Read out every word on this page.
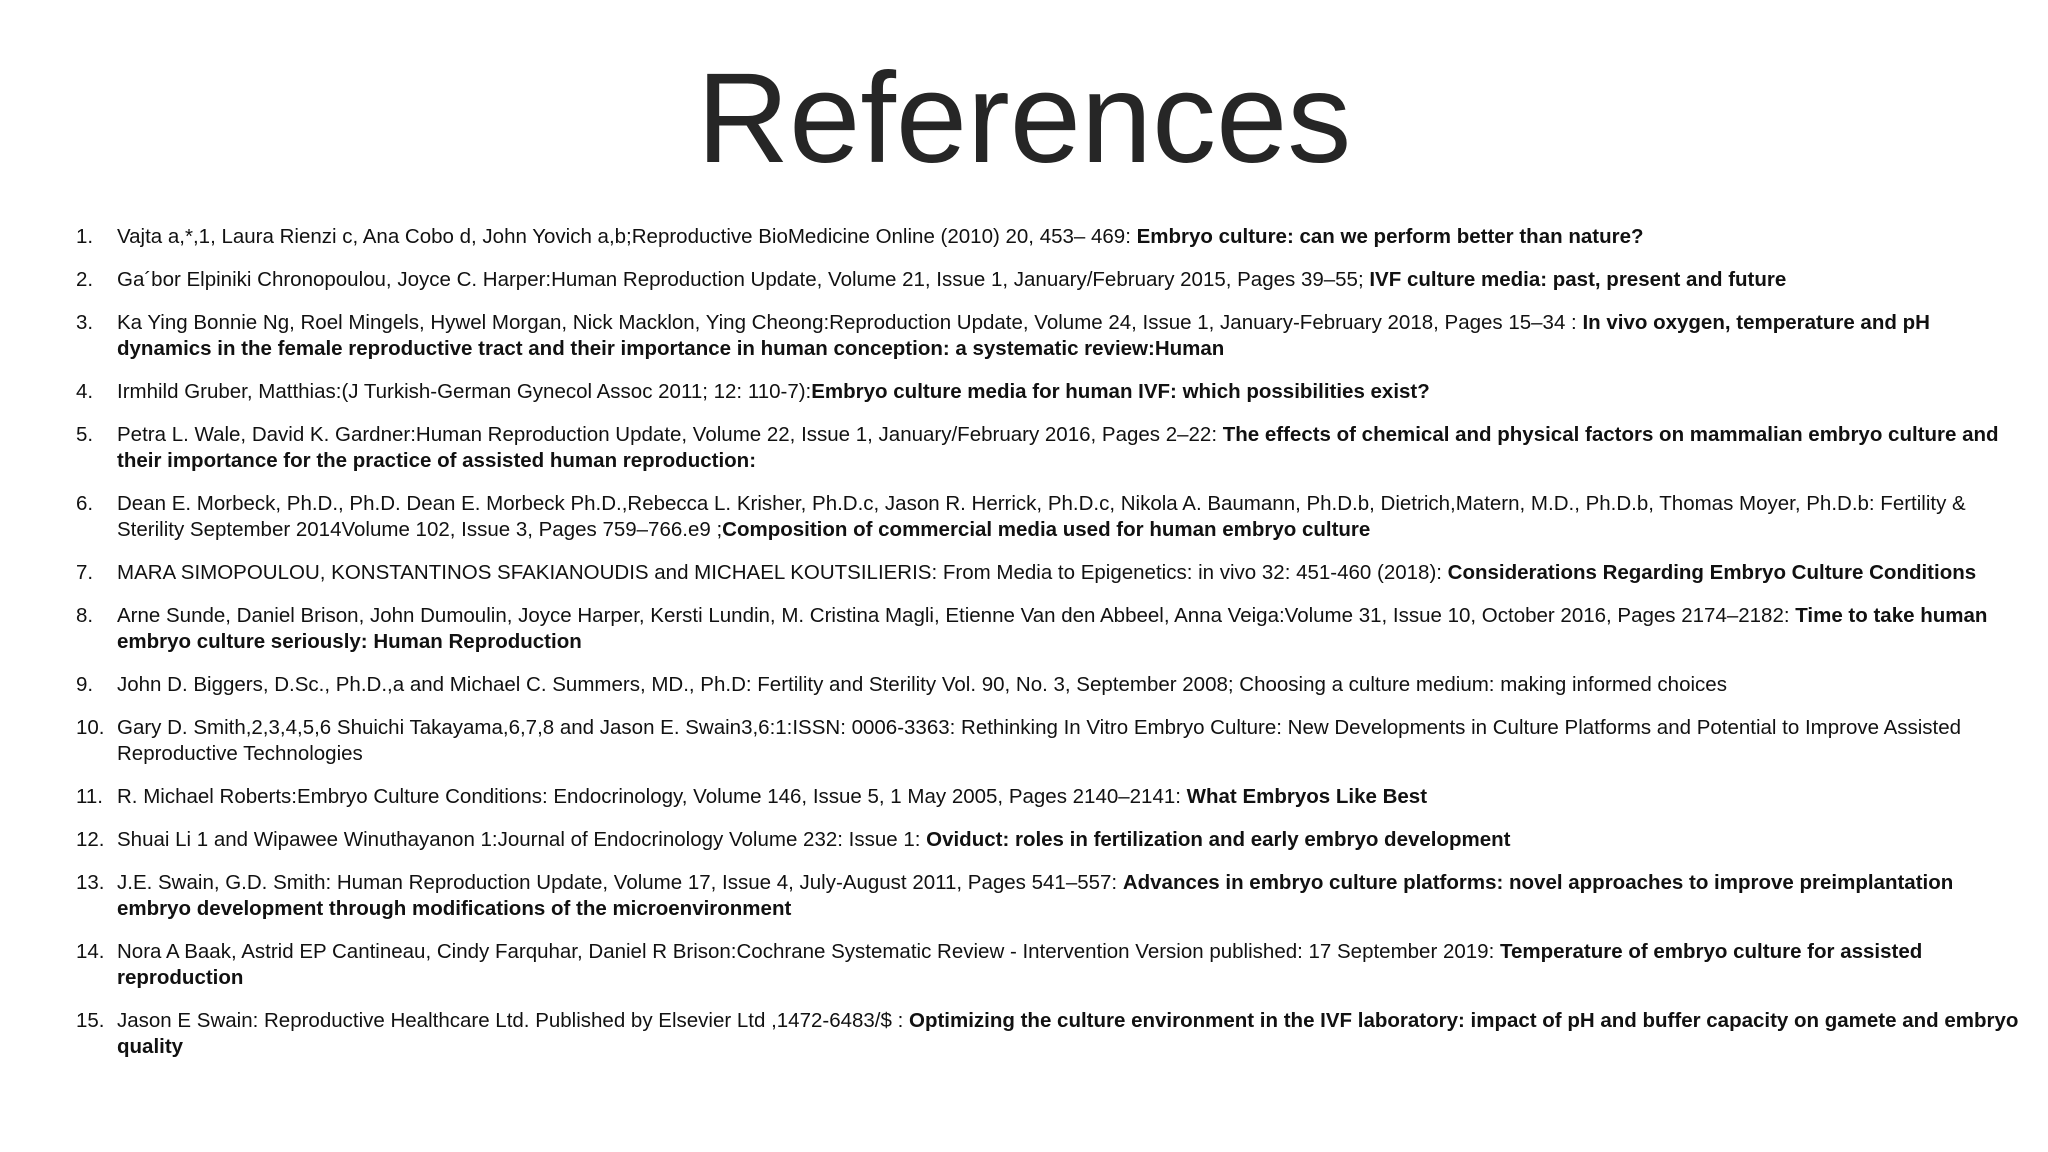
References
1. Vajta a,*,1, Laura Rienzi c, Ana Cobo d, John Yovich a,b;Reproductive BioMedicine Online (2010) 20, 453– 469: Embryo culture: can we perform better than nature?
2. Ga´bor Elpiniki Chronopoulou, Joyce C. Harper:Human Reproduction Update, Volume 21, Issue 1, January/February 2015, Pages 39–55; IVF culture media: past, present and future
3. Ka Ying Bonnie Ng, Roel Mingels, Hywel Morgan, Nick Macklon, Ying Cheong:Reproduction Update, Volume 24, Issue 1, January-February 2018, Pages 15–34 : In vivo oxygen, temperature and pH dynamics in the female reproductive tract and their importance in human conception: a systematic review:Human
4. Irmhild Gruber, Matthias:(J Turkish-German Gynecol Assoc 2011; 12: 110-7):Embryo culture media for human IVF: which possibilities exist?
5. Petra L. Wale, David K. Gardner:Human Reproduction Update, Volume 22, Issue 1, January/February 2016, Pages 2–22: The effects of chemical and physical factors on mammalian embryo culture and their importance for the practice of assisted human reproduction:
6. Dean E. Morbeck, Ph.D., Ph.D. Dean E. Morbeck Ph.D.,Rebecca L. Krisher, Ph.D.c, Jason R. Herrick, Ph.D.c, Nikola A. Baumann, Ph.D.b, Dietrich,Matern, M.D., Ph.D.b, Thomas Moyer, Ph.D.b: Fertility & Sterility September 2014Volume 102, Issue 3, Pages 759–766.e9 ;Composition of commercial media used for human embryo culture
7. MARA SIMOPOULOU, KONSTANTINOS SFAKIANOUDIS and MICHAEL KOUTSILIERIS: From Media to Epigenetics: in vivo 32: 451-460 (2018): Considerations Regarding Embryo Culture Conditions
8. Arne Sunde, Daniel Brison, John Dumoulin, Joyce Harper, Kersti Lundin, M. Cristina Magli, Etienne Van den Abbeel, Anna Veiga:Volume 31, Issue 10, October 2016, Pages 2174–2182: Time to take human embryo culture seriously: Human Reproduction
9. John D. Biggers, D.Sc., Ph.D.,a and Michael C. Summers, MD., Ph.D: Fertility and Sterility Vol. 90, No. 3, September 2008; Choosing a culture medium: making informed choices
10. Gary D. Smith,2,3,4,5,6 Shuichi Takayama,6,7,8 and Jason E. Swain3,6:1:ISSN: 0006-3363: Rethinking In Vitro Embryo Culture: New Developments in Culture Platforms and Potential to Improve Assisted Reproductive Technologies
11. R. Michael Roberts:Embryo Culture Conditions: Endocrinology, Volume 146, Issue 5, 1 May 2005, Pages 2140–2141: What Embryos Like Best
12. Shuai Li 1 and Wipawee Winuthayanon 1:Journal of Endocrinology Volume 232: Issue 1: Oviduct: roles in fertilization and early embryo development
13. J.E. Swain, G.D. Smith: Human Reproduction Update, Volume 17, Issue 4, July-August 2011, Pages 541–557: Advances in embryo culture platforms: novel approaches to improve preimplantation embryo development through modifications of the microenvironment
14. Nora A Baak, Astrid EP Cantineau, Cindy Farquhar, Daniel R Brison:Cochrane Systematic Review - Intervention Version published: 17 September 2019: Temperature of embryo culture for assisted reproduction
15. Jason E Swain: Reproductive Healthcare Ltd. Published by Elsevier Ltd ,1472-6483/$ : Optimizing the culture environment in the IVF laboratory: impact of pH and buffer capacity on gamete and embryo quality
